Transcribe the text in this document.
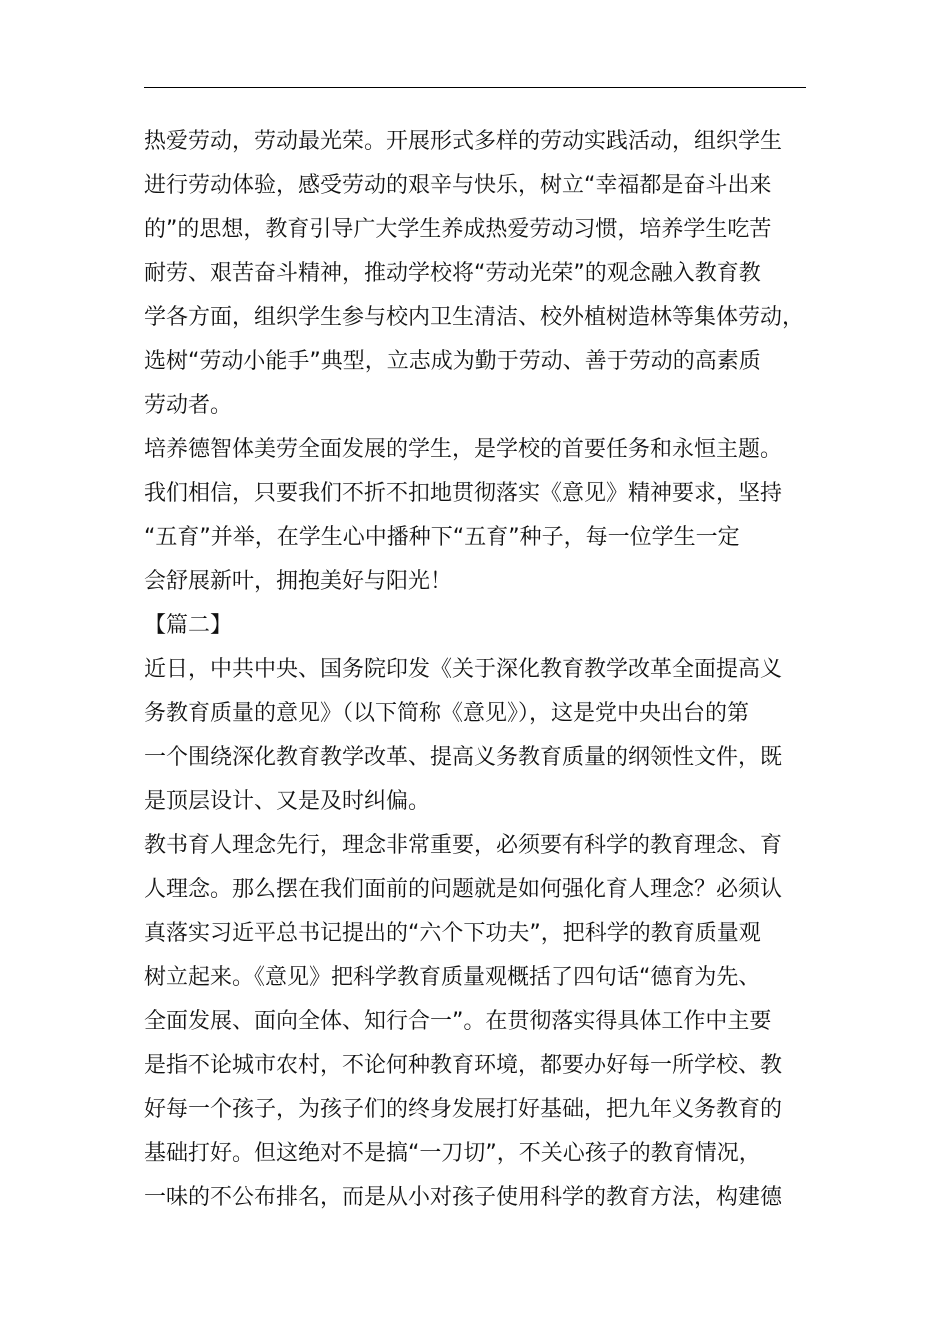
热爱劳动，劳动最光荣。开展形式多样的劳动实践活动，组织学生
进行劳动体验，感受劳动的艰辛与快乐，树立“幸福都是奋斗出来
的”的思想，教育引导广大学生养成热爱劳动习惯，培养学生吃苦
耐劳、艰苦奋斗精神，推动学校将“劳动光荣”的观念融入教育教
学各方面，组织学生参与校内卫生清洁、校外植树造林等集体劳动，
选树“劳动小能手”典型，立志成为勤于劳动、善于劳动的高素质
劳动者。
培养德智体美劳全面发展的学生，是学校的首要任务和永恒主题。
我们相信，只要我们不折不扣地贯彻落实《意见》精神要求，坚持
“五育”并举，在学生心中播种下“五育”种子，每一位学生一定
会舒展新叶，拥抱美好与阳光！
【篇二】
近日，中共中央、国务院印发《关于深化教育教学改革全面提高义
务教育质量的意见》（以下简称《意见》），这是党中央出台的第
一个围绕深化教育教学改革、提高义务教育质量的纲领性文件，既
是顶层设计、又是及时纠偏。
教书育人理念先行，理念非常重要，必须要有科学的教育理念、育
人理念。那么摆在我们面前的问题就是如何强化育人理念？必须认
真落实习近平总书记提出的“六个下功夫”，把科学的教育质量观
树立起来。《意见》把科学教育质量观概括了四句话“德育为先、
全面发展、面向全体、知行合一”。在贯彻落实得具体工作中主要
是指不论城市农村，不论何种教育环境，都要办好每一所学校、教
好每一个孩子，为孩子们的终身发展打好基础，把九年义务教育的
基础打好。但这绝对不是搞“一刀切”，不关心孩子的教育情况，
一味的不公布排名，而是从小对孩子使用科学的教育方法，构建德
